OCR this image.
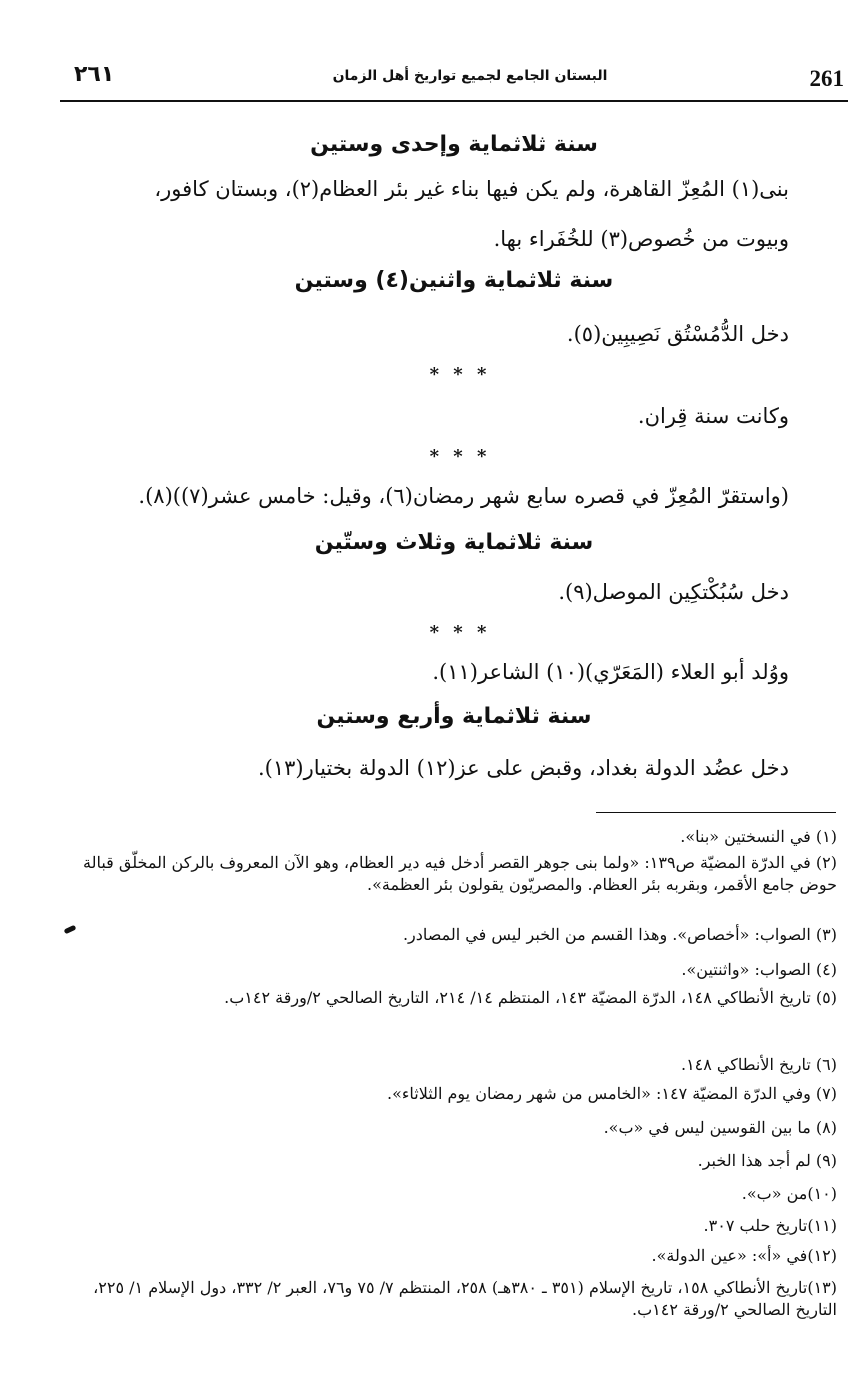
٢٦١	البستان الجامع لجميع تواريخ أهل الزمان	261
سنة ثلاثماية وإحدى وستين
بنى(١) المُعِزّ القاهرة، ولم يكن فيها بناء غير بئر العظام(٢)، وبستان كافور،
وبيوت من خُصوص(٣) للخُفَراء بها.
سنة ثلاثماية واثنين(٤) وستين
دخل الدُّمُسْتُق نَصِيبِين(٥).
* * *
وكانت سنة قِران.
* * *
(واستقرّ المُعِزّ في قصره سابع شهر رمضان(٦)، وقيل: خامس عشر(٧))(٨).
سنة ثلاثماية وثلاث وستّين
دخل سُبُكْتكِين الموصل(٩).
* * *
ووُلد أبو العلاء (المَعَرّي)(١٠) الشاعر(١١).
سنة ثلاثماية وأربع وستين
دخل عضُد الدولة بغداد، وقبض على عز(١٢) الدولة بختيار(١٣).
(١) في النسختين «بنا».
(٢) في الدرّة المضيّة ص١٣٩: «ولما بنى جوهر القصر أدخل فيه دير العظام، وهو الآن المعروف بالركن المخلّق قبالة حوض جامع الأقمر، وبقربه بئر العظام. والمصريّون يقولون بئر العظمة».
(٣) الصواب: «أخصاص». وهذا القسم من الخبر ليس في المصادر.
(٤) الصواب: «واثنتين».
(٥) تاريخ الأنطاكي ١٤٨، الدرّة المضيّة ١٤٣، المنتظم ١٤/ ٢١٤، التاريخ الصالحي ٢/ورقة ١٤٢ب.
(٦) تاريخ الأنطاكي ١٤٨.
(٧) وفي الدرّة المضيّة ١٤٧: «الخامس من شهر رمضان يوم الثلاثاء».
(٨) ما بين القوسين ليس في «ب».
(٩) لم أجد هذا الخبر.
(١٠)من «ب».
(١١)تاريخ حلب ٣٠٧.
(١٢)في «أ»: «عين الدولة».
(١٣)تاريخ الأنطاكي ١٥٨، تاريخ الإسلام (٣٥١ ـ ٣٨٠هـ) ٢٥٨، المنتظم ٧/ ٧٥ و٧٦، العبر ٢/ ٣٣٢، دول الإسلام ١/ ٢٢٥، التاريخ الصالحي ٢/ورقة ١٤٢ب.
